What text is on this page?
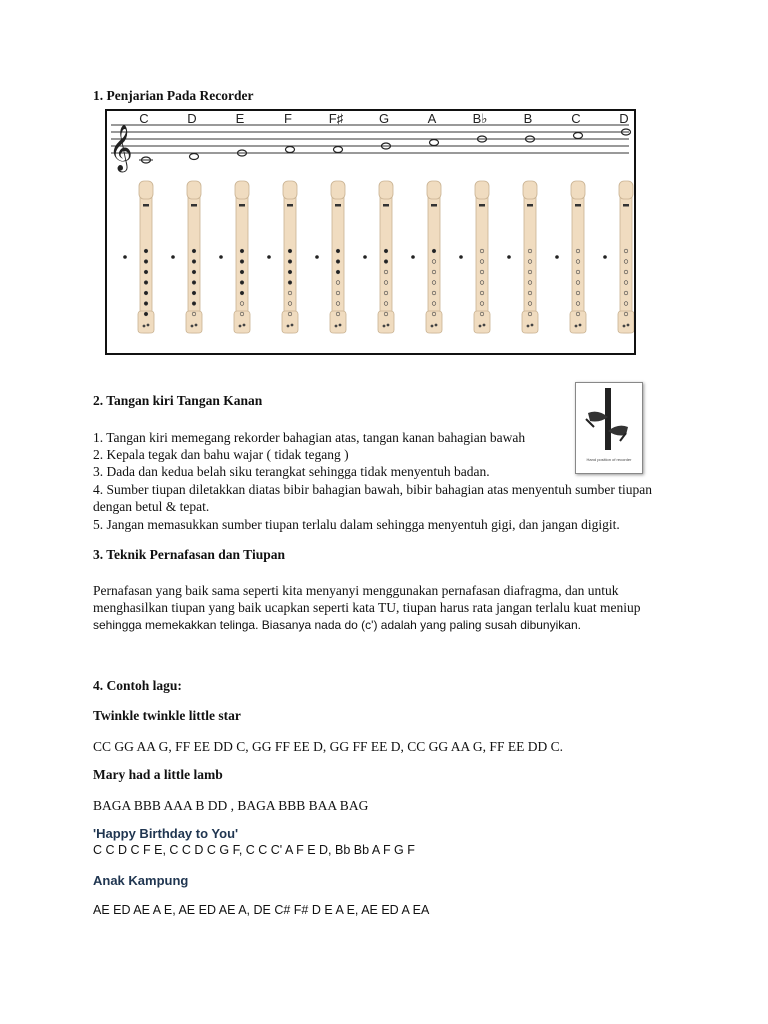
1. Penjarian Pada Recorder
𝄞
C	D	E	F	F♯	G	A	B♭	B	C	D
2. Tangan kiri Tangan Kanan
Hand position of recorder
1. Tangan kiri memegang rekorder bahagian atas, tangan kanan bahagian bawah
2. Kepala tegak dan bahu wajar ( tidak tegang )
3. Dada dan kedua belah siku terangkat sehingga tidak menyentuh badan.
4. Sumber tiupan diletakkan diatas bibir bahagian bawah, bibir bahagian atas menyentuh sumber tiupan dengan betul & tepat.
5. Jangan memasukkan sumber tiupan terlalu dalam sehingga menyentuh gigi, dan jangan digigit.
3. Teknik Pernafasan dan Tiupan
Pernafasan yang baik sama seperti kita menyanyi menggunakan pernafasan diafragma, dan untuk menghasilkan tiupan yang baik ucapkan seperti kata TU, tiupan harus rata jangan terlalu kuat meniup sehingga memekakkan telinga. Biasanya nada do (c') adalah yang paling susah dibunyikan.
4. Contoh lagu:
Twinkle twinkle little star
CC GG AA G, FF EE DD C, GG FF EE D, GG FF EE D, CC GG AA G, FF EE DD C.
Mary had a little lamb
BAGA BBB AAA B DD , BAGA BBB BAA BAG
'Happy Birthday to You'
C C D C F E, C C D C G F, C C C' A F E D, Bb Bb A F G F
Anak Kampung
AE ED AE A E, AE ED AE A, DE C# F# D E A E, AE ED A EA
